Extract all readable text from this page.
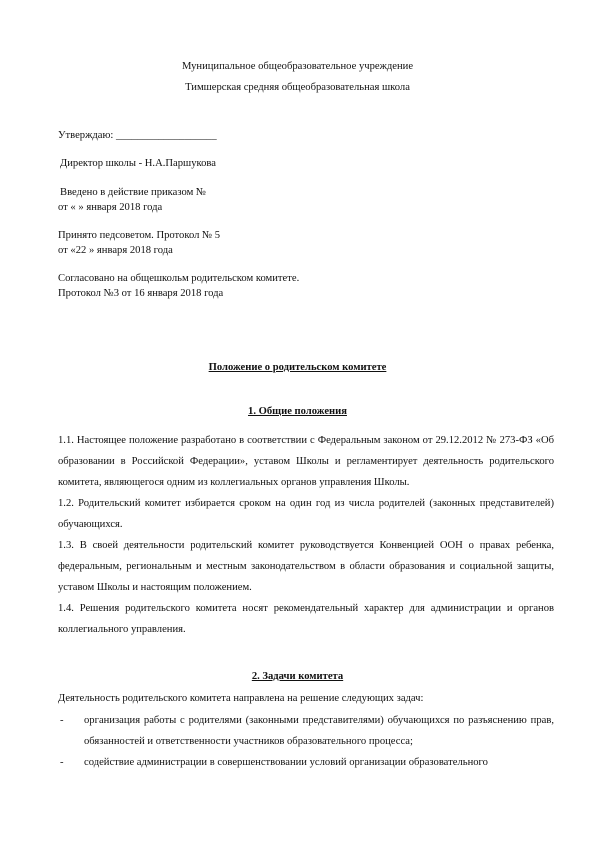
Муниципальное общеобразовательное учреждение
Тимшерская средняя общеобразовательная школа
Утверждаю: ___________________
Директор школы - Н.А.Паршукова
Введено в действие приказом №
от « » января 2018 года
Принято педсоветом. Протокол № 5
от «22 » января 2018 года
Согласовано на общешкольм родительском комитете.
Протокол №3 от 16 января 2018 года
Положение о родительском комитете
1. Общие положения
1.1. Настоящее положение разработано в соответствии с Федеральным законом от 29.12.2012 № 273-ФЗ «Об образовании в Российской Федерации», уставом Школы и регламентирует деятельность родительского комитета, являющегося одним из коллегиальных органов управления Школы.
1.2. Родительский комитет избирается сроком на один год из числа родителей (законных представителей) обучающихся.
1.3. В своей деятельности родительский комитет руководствуется Конвенцией ООН о правах ребенка, федеральным, региональным и местным законодательством в области образования и социальной защиты, уставом Школы и настоящим положением.
1.4. Решения родительского комитета носят рекомендательный характер для администрации и органов коллегиального управления.
2. Задачи комитета
Деятельность родительского комитета направлена на решение следующих задач:
- организация работы с родителями (законными представителями) обучающихся по разъяснению прав, обязанностей и ответственности участников образовательного процесса;
- содействие администрации в совершенствовании условий организации образовательного
